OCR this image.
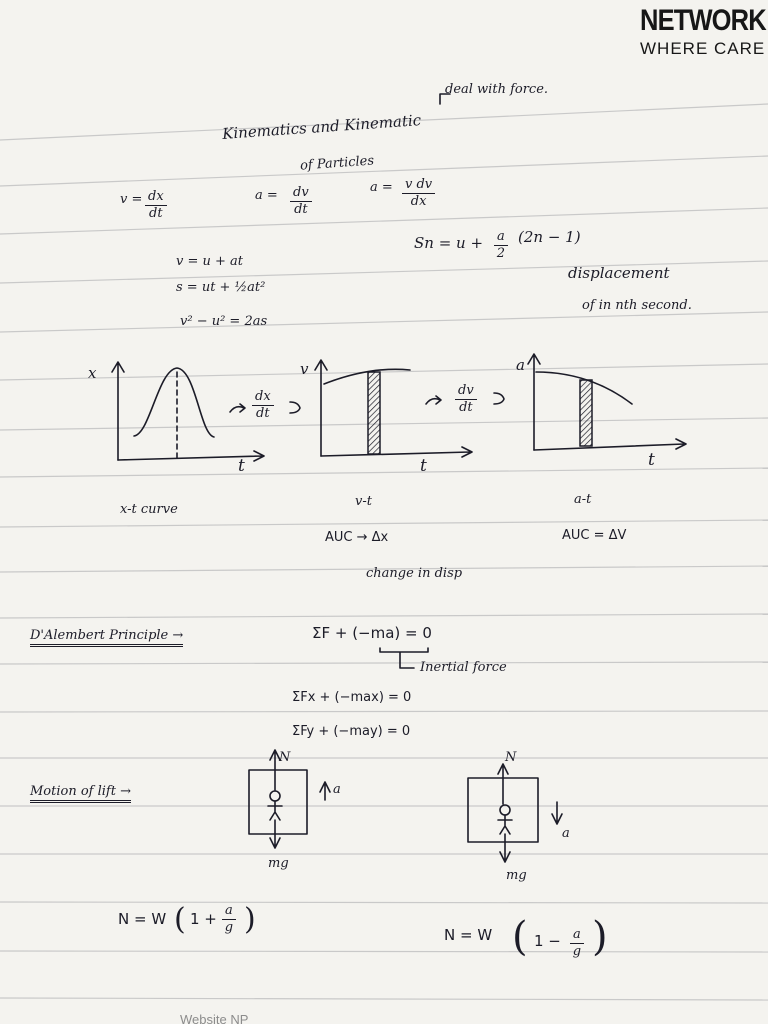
NETWORK
WHERE CARE
deal with force.
Kinematics and Kinematic
of Particles
$v = \frac{dx}{dt}$	$a = \frac{dv}{dt}$	$a = \frac{\text{v dv}}{dx}$
v = u + at
s = ut + ½at²
v² − u² = 2as
$Sn = u + \frac{a}{2} (2n - 1)$
displacement
of in nth second.
x
t
$\frac{dx}{dt}$
v
t
$\frac{dv}{dt}$
a
t
x-t curve
v-t	a-t
AUC → Δx	AUC = ΔV
change in disp
D'Alembert Principle →	ΣF + (−ma) = 0
Inertial force
ΣFx + (−max) = 0
ΣFy + (−may) = 0
Motion of lift →
N
a
mg
N
a
mg
N = W ( $1 + \frac{a}{g}$ )	N = W ( $1 - \frac{a}{g}$ )
Website NP
